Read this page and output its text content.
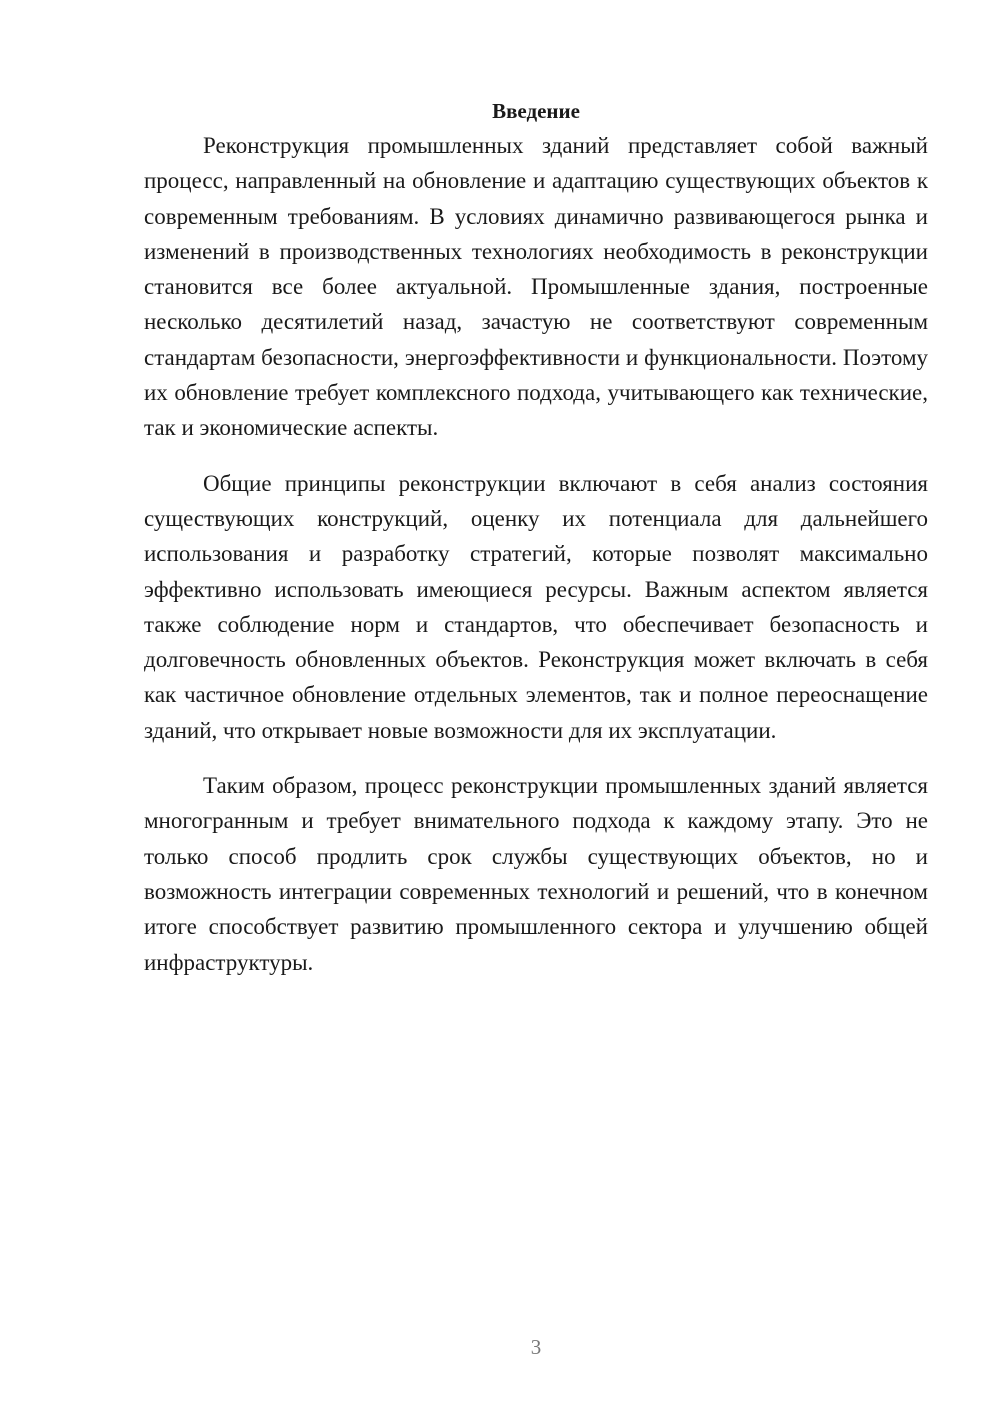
Введение

Реконструкция промышленных зданий представляет собой важный процесс, направленный на обновление и адаптацию существующих объектов к современным требованиям. В условиях динамично развивающегося рынка и изменений в производственных технологиях необходимость в реконструкции становится все более актуальной. Промышленные здания, построенные несколько десятилетий назад, зачастую не соответствуют современным стандартам безопасности, энергоэффективности и функциональности. Поэтому их обновление требует комплексного подхода, учитывающего как технические, так и экономические аспекты.

Общие принципы реконструкции включают в себя анализ состояния существующих конструкций, оценку их потенциала для дальнейшего использования и разработку стратегий, которые позволят максимально эффективно использовать имеющиеся ресурсы. Важным аспектом является также соблюдение норм и стандартов, что обеспечивает безопасность и долговечность обновленных объектов. Реконструкция может включать в себя как частичное обновление отдельных элементов, так и полное переоснащение зданий, что открывает новые возможности для их эксплуатации.

Таким образом, процесс реконструкции промышленных зданий является многогранным и требует внимательного подхода к каждому этапу. Это не только способ продлить срок службы существующих объектов, но и возможность интеграции современных технологий и решений, что в конечном итоге способствует развитию промышленного сектора и улучшению общей инфраструктуры.

3
